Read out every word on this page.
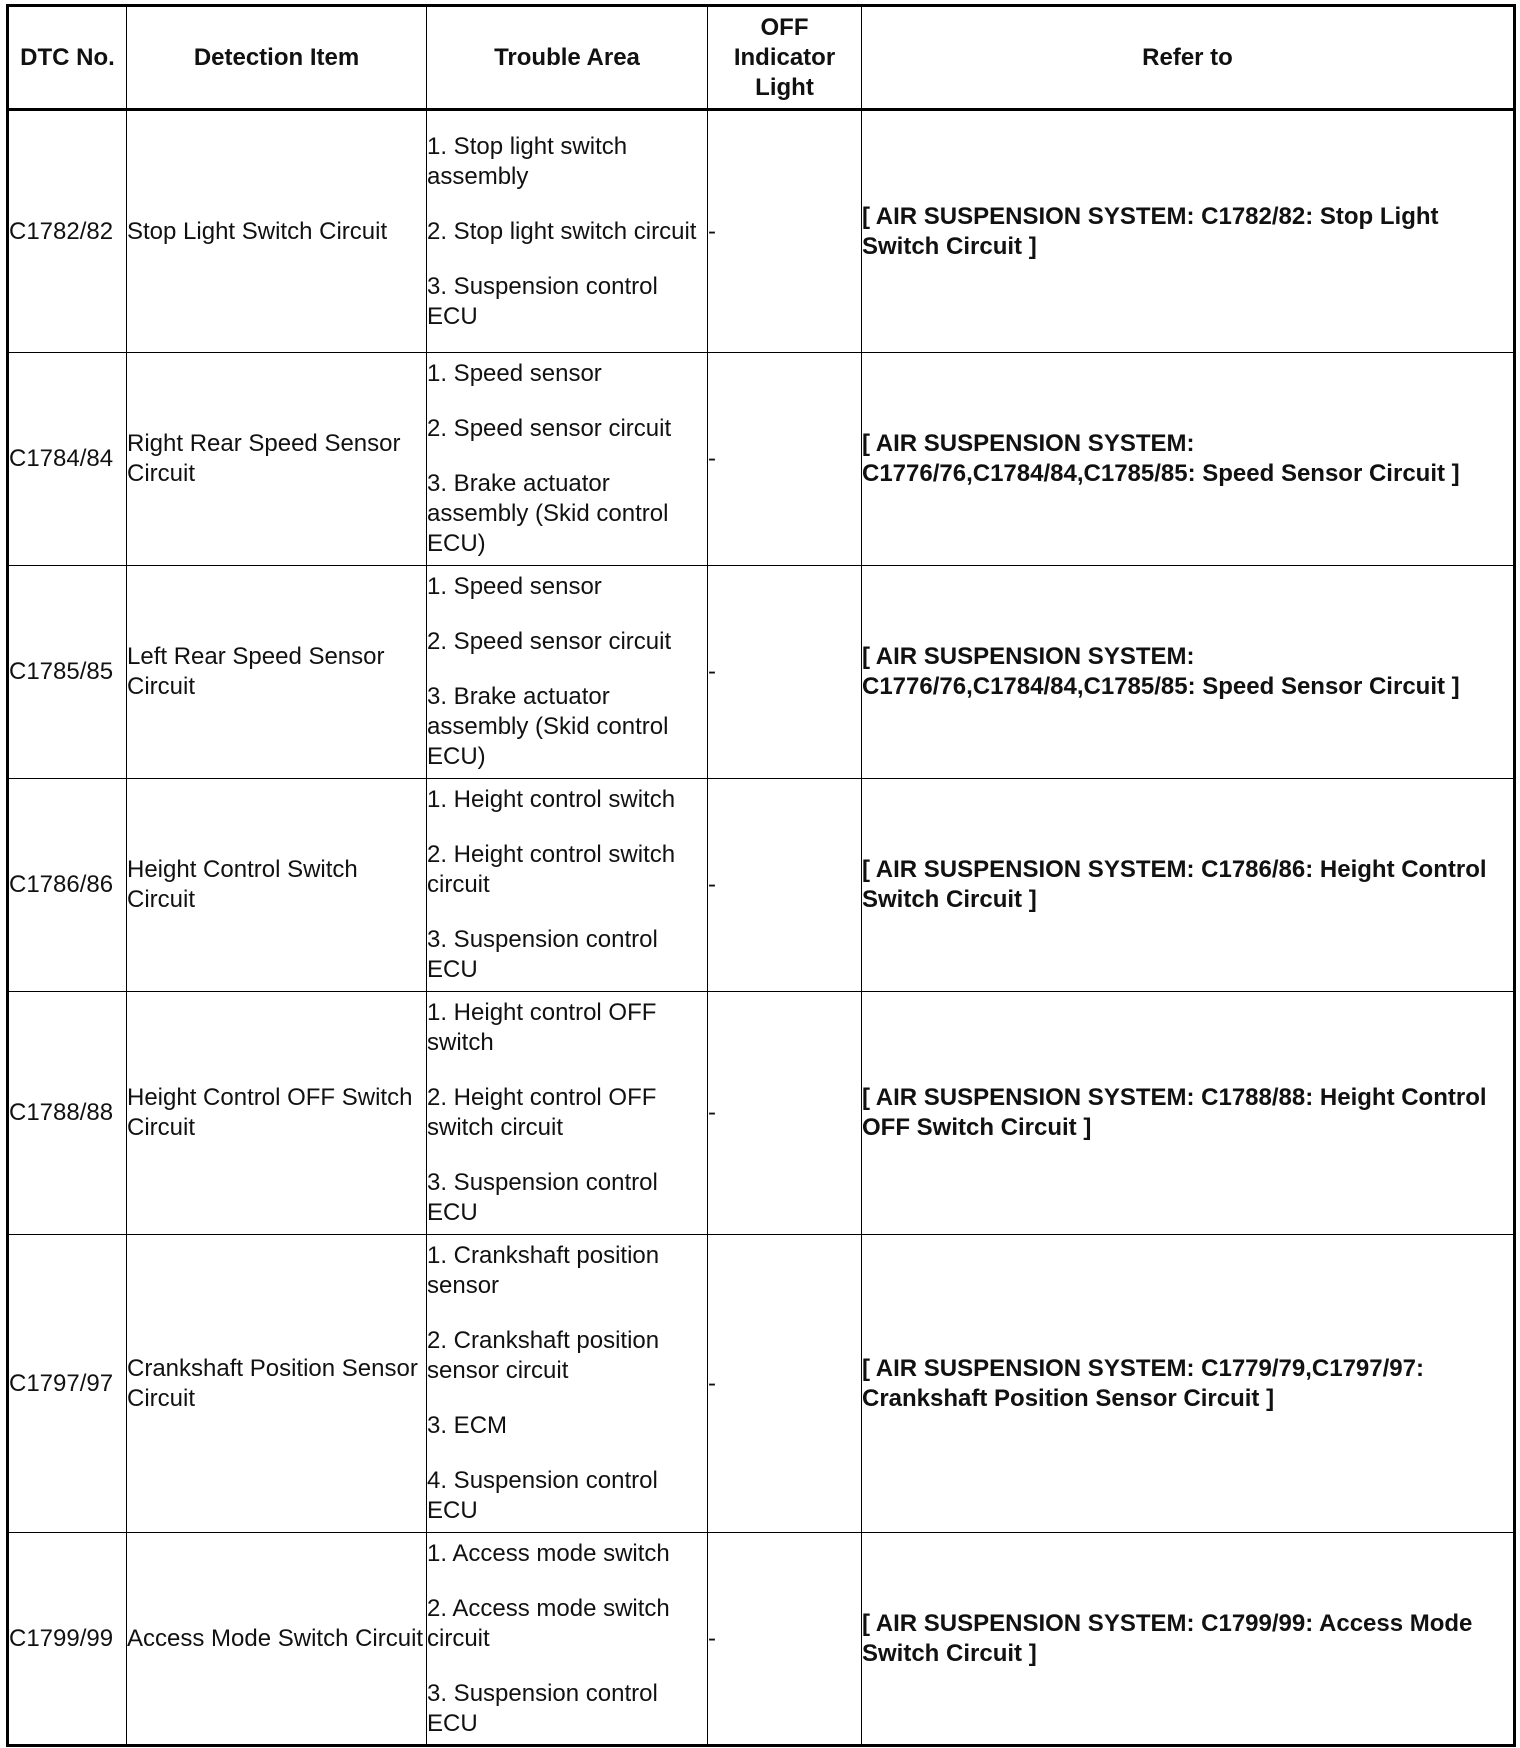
DTC No.	Detection Item	Trouble Area	OFF Indicator Light	Refer to
C1782/82	Stop Light Switch Circuit	1. Stop light switch assembly

2. Stop light switch circuit

3. Suspension control ECU	-	[ AIR SUSPENSION SYSTEM: C1782/82: Stop Light Switch Circuit ]
C1784/84	Right Rear Speed Sensor Circuit	1. Speed sensor

2. Speed sensor circuit

3. Brake actuator assembly (Skid control ECU)	-	[ AIR SUSPENSION SYSTEM: C1776/76,C1784/84,C1785/85: Speed Sensor Circuit ]
C1785/85	Left Rear Speed Sensor Circuit	1. Speed sensor

2. Speed sensor circuit

3. Brake actuator assembly (Skid control ECU)	-	[ AIR SUSPENSION SYSTEM: C1776/76,C1784/84,C1785/85: Speed Sensor Circuit ]
C1786/86	Height Control Switch Circuit	1. Height control switch

2. Height control switch circuit

3. Suspension control ECU	-	[ AIR SUSPENSION SYSTEM: C1786/86: Height Control Switch Circuit ]
C1788/88	Height Control OFF Switch Circuit	1. Height control OFF switch

2. Height control OFF switch circuit

3. Suspension control ECU	-	[ AIR SUSPENSION SYSTEM: C1788/88: Height Control OFF Switch Circuit ]
C1797/97	Crankshaft Position Sensor Circuit	1. Crankshaft position sensor

2. Crankshaft position sensor circuit

3. ECM

4. Suspension control ECU	-	[ AIR SUSPENSION SYSTEM: C1779/79,C1797/97: Crankshaft Position Sensor Circuit ]
C1799/99	Access Mode Switch Circuit	1. Access mode switch

2. Access mode switch circuit

3. Suspension control ECU	-	[ AIR SUSPENSION SYSTEM: C1799/99: Access Mode Switch Circuit ]
